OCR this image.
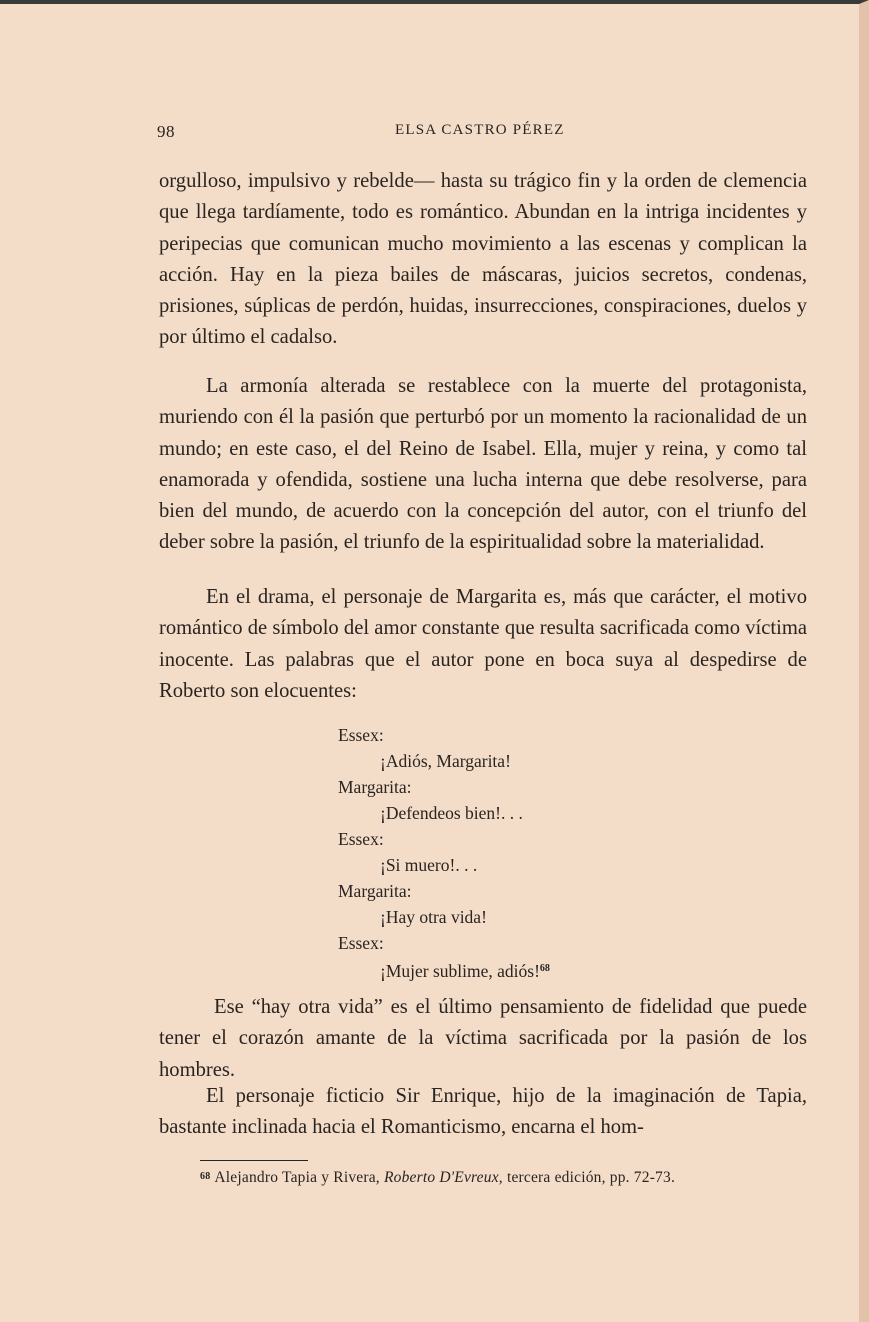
98	ELSA CASTRO PÉREZ
orgulloso, impulsivo y rebelde— hasta su trágico fin y la orden de clemencia que llega tardíamente, todo es romántico. Abundan en la intriga incidentes y peripecias que comunican mucho movimiento a las escenas y complican la acción. Hay en la pieza bailes de máscaras, juicios secretos, condenas, prisiones, súplicas de perdón, huidas, insurrecciones, conspiraciones, duelos y por último el cadalso.
La armonía alterada se restablece con la muerte del protagonista, muriendo con él la pasión que perturbó por un momento la racionalidad de un mundo; en este caso, el del Reino de Isabel. Ella, mujer y reina, y como tal enamorada y ofendida, sostiene una lucha interna que debe resolverse, para bien del mundo, de acuerdo con la concepción del autor, con el triunfo del deber sobre la pasión, el triunfo de la espiritualidad sobre la materialidad.
En el drama, el personaje de Margarita es, más que carácter, el motivo romántico de símbolo del amor constante que resulta sacrificada como víctima inocente. Las palabras que el autor pone en boca suya al despedirse de Roberto son elocuentes:
Essex:
¡Adiós, Margarita!
Margarita:
¡Defendeos bien!. . .
Essex:
¡Si muero!. . .
Margarita:
¡Hay otra vida!
Essex:
¡Mujer sublime, adiós!$^{68}$
Ese “hay otra vida” es el último pensamiento de fidelidad que puede tener el corazón amante de la víctima sacrificada por la pasión de los hombres.
El personaje ficticio Sir Enrique, hijo de la imaginación de Tapia, bastante inclinada hacia el Romanticismo, encarna el hom-
68 Alejandro Tapia y Rivera, Roberto D'Evreux, tercera edición, pp. 72-73.
